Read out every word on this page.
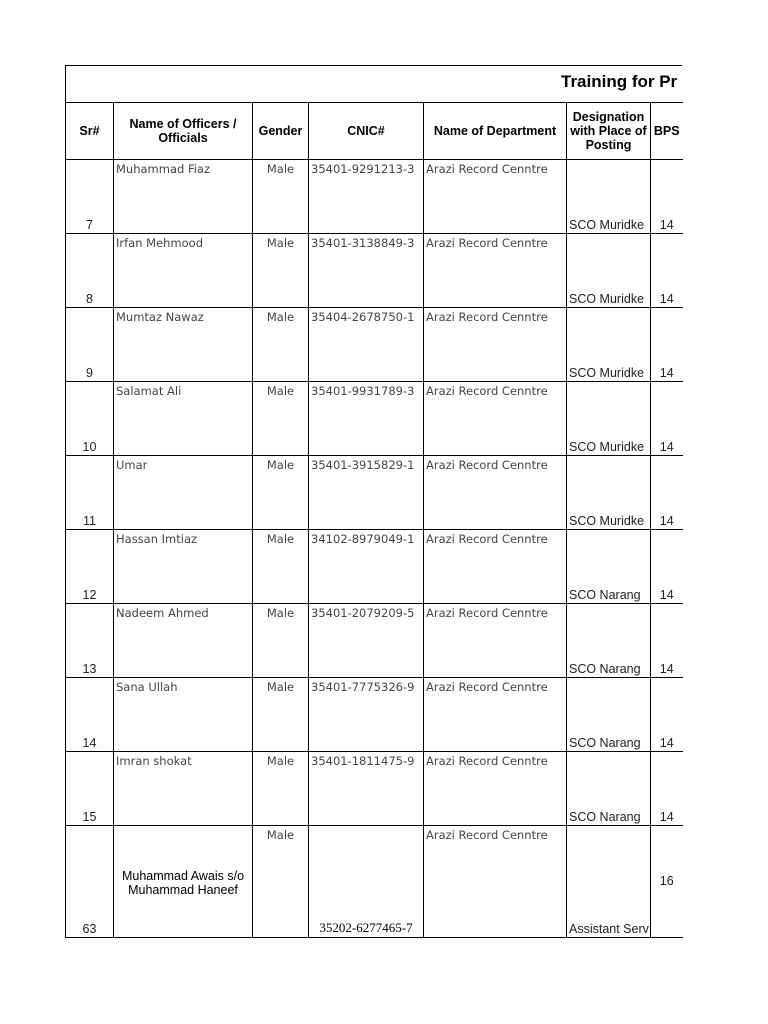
Training for Pr
Sr#	Name of Officers / Officials	Gender	CNIC#	Name of Department	Designation with Place of Posting	BPS
7	Muhammad Fiaz	Male	35401-9291213-3	Arazi Record Cenntre	SCO Muridke	14
8	Irfan Mehmood	Male	35401-3138849-3	Arazi Record Cenntre	SCO Muridke	14
9	Mumtaz Nawaz	Male	35404-2678750-1	Arazi Record Cenntre	SCO Muridke	14
10	Salamat Ali	Male	35401-9931789-3	Arazi Record Cenntre	SCO Muridke	14
11	Umar	Male	35401-3915829-1	Arazi Record Cenntre	SCO Muridke	14
12	Hassan Imtiaz	Male	34102-8979049-1	Arazi Record Cenntre	SCO Narang	14
13	Nadeem Ahmed	Male	35401-2079209-5	Arazi Record Cenntre	SCO Narang	14
14	Sana Ullah	Male	35401-7775326-9	Arazi Record Cenntre	SCO Narang	14
15	Imran shokat	Male	35401-1811475-9	Arazi Record Cenntre	SCO Narang	14
63	Muhammad Awais s/o Muhammad Haneef	Male	35202-6277465-7	Arazi Record Cenntre	Assistant Serv	16
